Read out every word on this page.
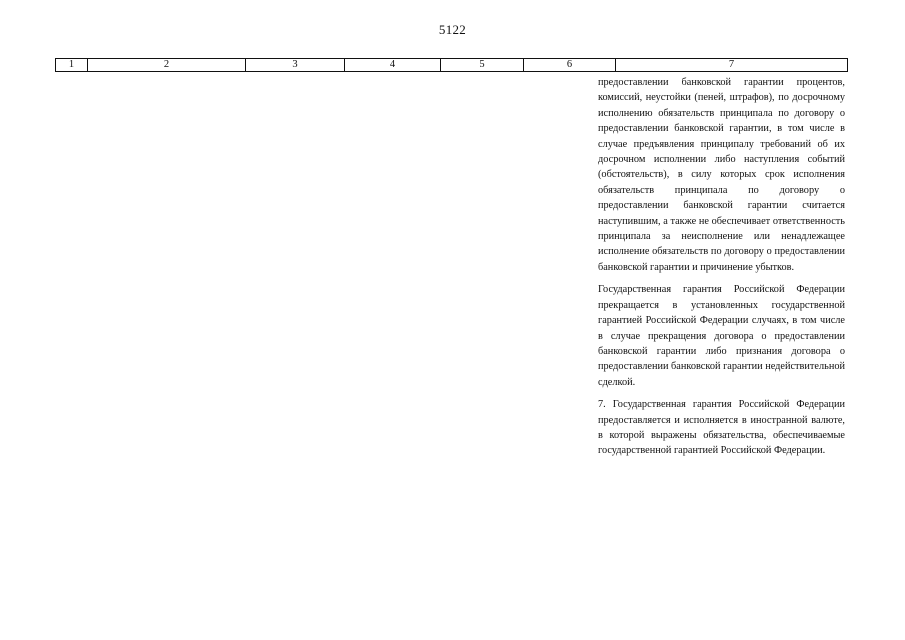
5122
1	2	3	4	5	6	7

предоставлении банковской гарантии процентов, комиссий, неустойки (пеней, штрафов), по досрочному исполнению обязательств принципала по договору о предоставлении банковской гарантии, в том числе в случае предъявления принципалу требований об их досрочном исполнении либо наступления событий (обстоятельств), в силу которых срок исполнения обязательств принципала по договору о предоставлении банковской гарантии считается наступившим, а также не обеспечивает ответственность принципала за неисполнение или ненадлежащее исполнение обязательств по договору о предоставлении банковской гарантии и причинение убытков.

Государственная гарантия Российской Федерации прекращается в установленных государственной гарантией Российской Федерации случаях, в том числе в случае прекращения договора о предоставлении банковской гарантии либо признания договора о предоставлении банковской гарантии недействительной сделкой.

7. Государственная гарантия Российской Федерации предоставляется и исполняется в иностранной валюте, в которой выражены обязательства, обеспечиваемые государственной гарантией Российской Федерации.
